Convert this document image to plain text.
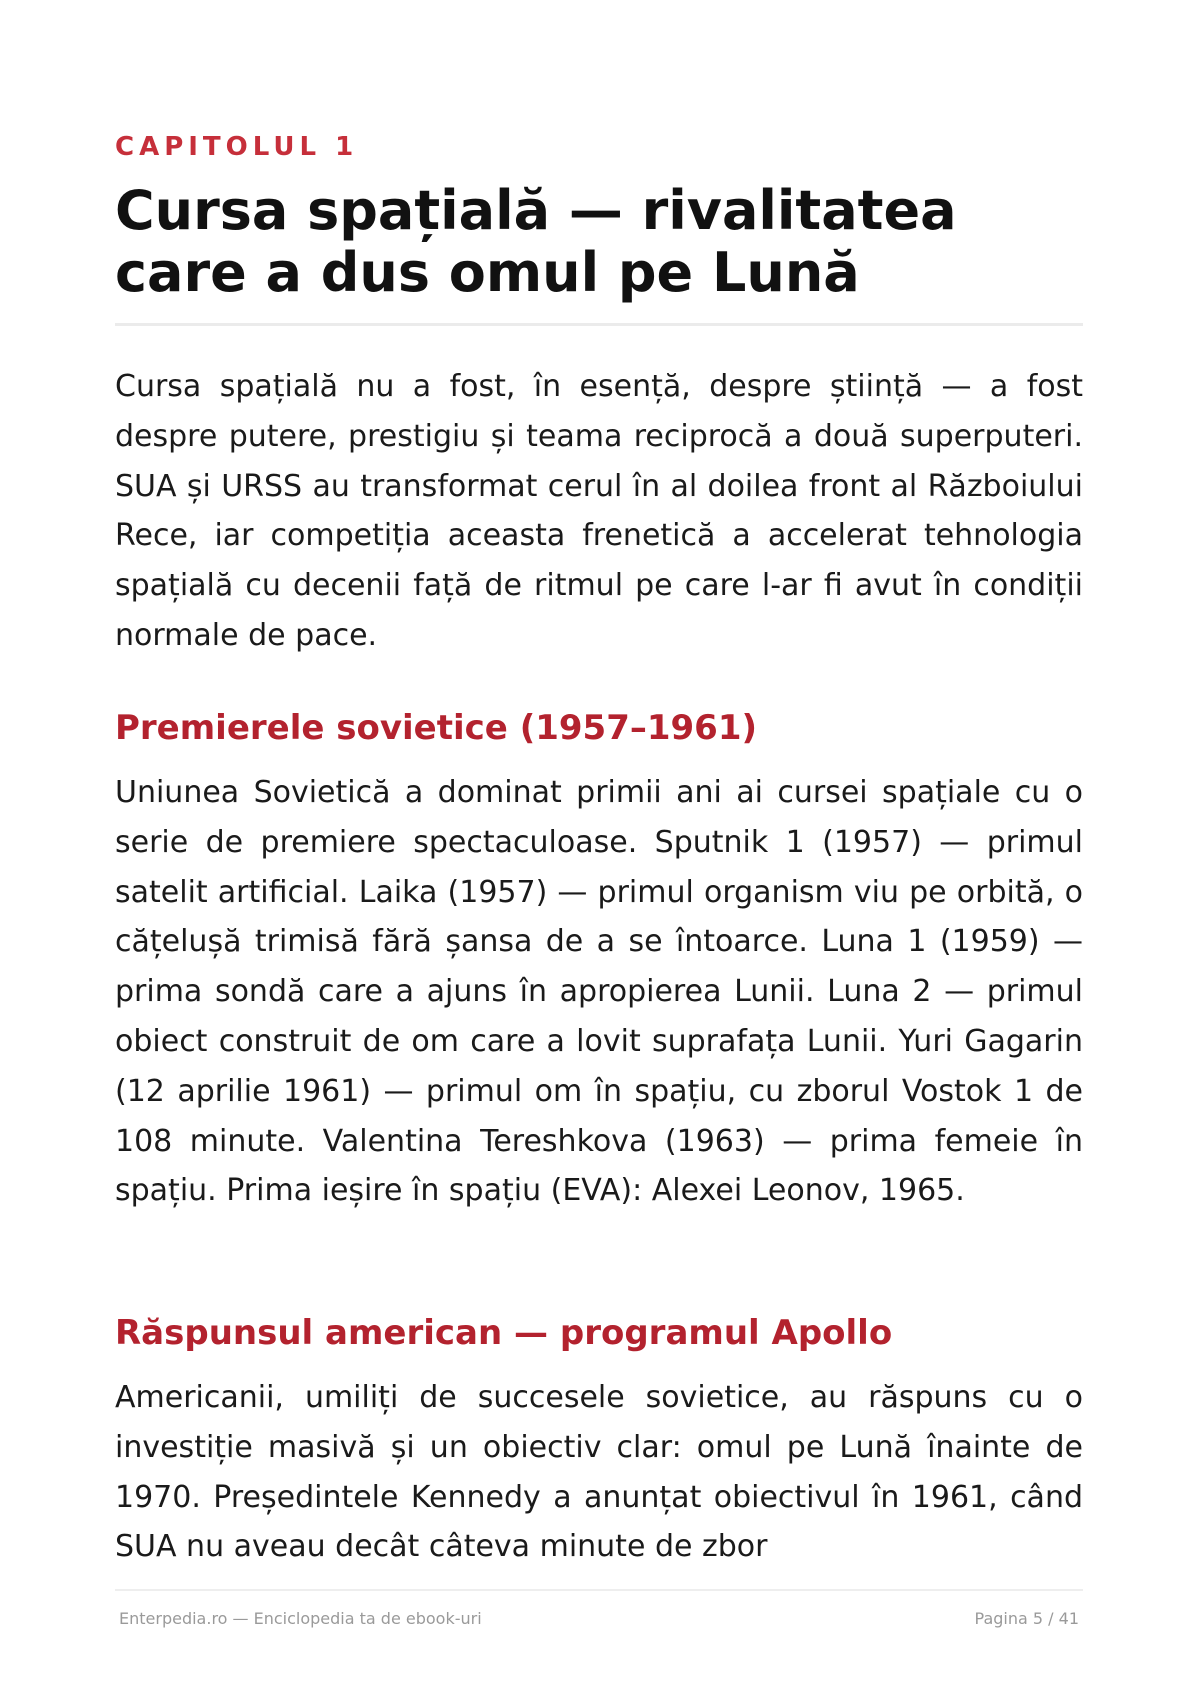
CAPITOLUL 1
Cursa spațială — rivalitatea care a dus omul pe Lună

Cursa spațială nu a fost, în esență, despre știință — a fost despre putere, prestigiu și teama reciprocă a două superputeri. SUA și URSS au transformat cerul în al doilea front al Războiului Rece, iar competiția aceasta frenetică a accelerat tehnologia spațială cu decenii față de ritmul pe care l-ar fi avut în condiții normale de pace.

Premierele sovietice (1957–1961)

Uniunea Sovietică a dominat primii ani ai cursei spațiale cu o serie de premiere spectaculoase. Sputnik 1 (1957) — primul satelit artificial. Laika (1957) — primul organism viu pe orbită, o cățelușă trimisă fără șansa de a se întoarce. Luna 1 (1959) — prima sondă care a ajuns în apropierea Lunii. Luna 2 — primul obiect construit de om care a lovit suprafața Lunii. Yuri Gagarin (12 aprilie 1961) — primul om în spațiu, cu zborul Vostok 1 de 108 minute. Valentina Tereshkova (1963) — prima femeie în spațiu. Prima ieșire în spațiu (EVA): Alexei Leonov, 1965.

Răspunsul american — programul Apollo

Americanii, umiliți de succesele sovietice, au răspuns cu o investiție masivă și un obiectiv clar: omul pe Lună înainte de 1970. Președintele Kennedy a anunțat obiectivul în 1961, când SUA nu aveau decât câteva minute de zbor

Enterpedia.ro — Enciclopedia ta de ebook-uri	Pagina 5 / 41
